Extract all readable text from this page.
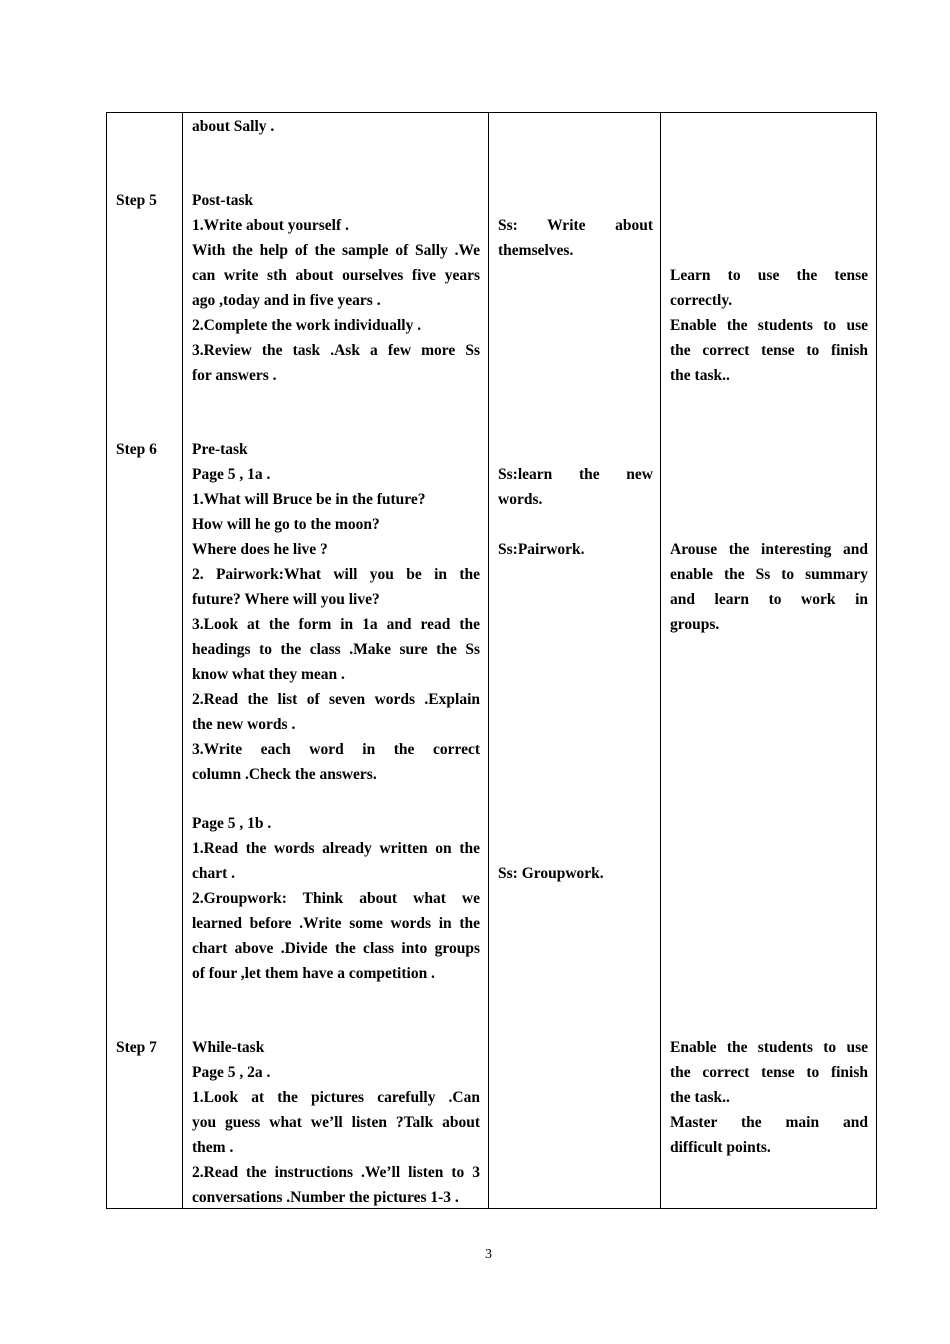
Step 5
Step 6
Step 7
about Sally .
Post-task
1.Write about yourself .
With the help of the sample of Sally .We
can write sth about ourselves five years
ago ,today and in five years .
2.Complete the work individually .
3.Review the task .Ask a few more Ss
for answers .
Pre-task
Page 5 , 1a .
1.What will Bruce be in the future?
How will he go to the moon?
Where does he live ?
2. Pairwork:What will you be in the
future? Where will you live?
3.Look at the form in 1a and read the
headings to the class .Make sure the Ss
know what they mean .
2.Read the list of seven words .Explain
the new words .
3.Write each word in the correct
column .Check the answers.
Page 5 , 1b .
1.Read the words already written on the
chart .
2.Groupwork: Think about what we
learned before .Write some words in the
chart above .Divide the class into groups
of four ,let them have a competition .
While-task
Page 5 , 2a .
1.Look at the pictures carefully .Can
you guess what we’ll listen ?Talk about
them .
2.Read the instructions .We’ll listen to 3
conversations .Number the pictures 1-3 .
Ss: Write about
themselves.
Ss:learn the new
words.
Ss:Pairwork.
Ss: Groupwork.
Learn to use the tense
correctly.
Enable the students to use
the correct tense to finish
the task..
Arouse the interesting and
enable the Ss to summary
and learn to work in
groups.
Enable the students to use
the correct tense to finish
the task..
Master the main and
difficult points.
3
